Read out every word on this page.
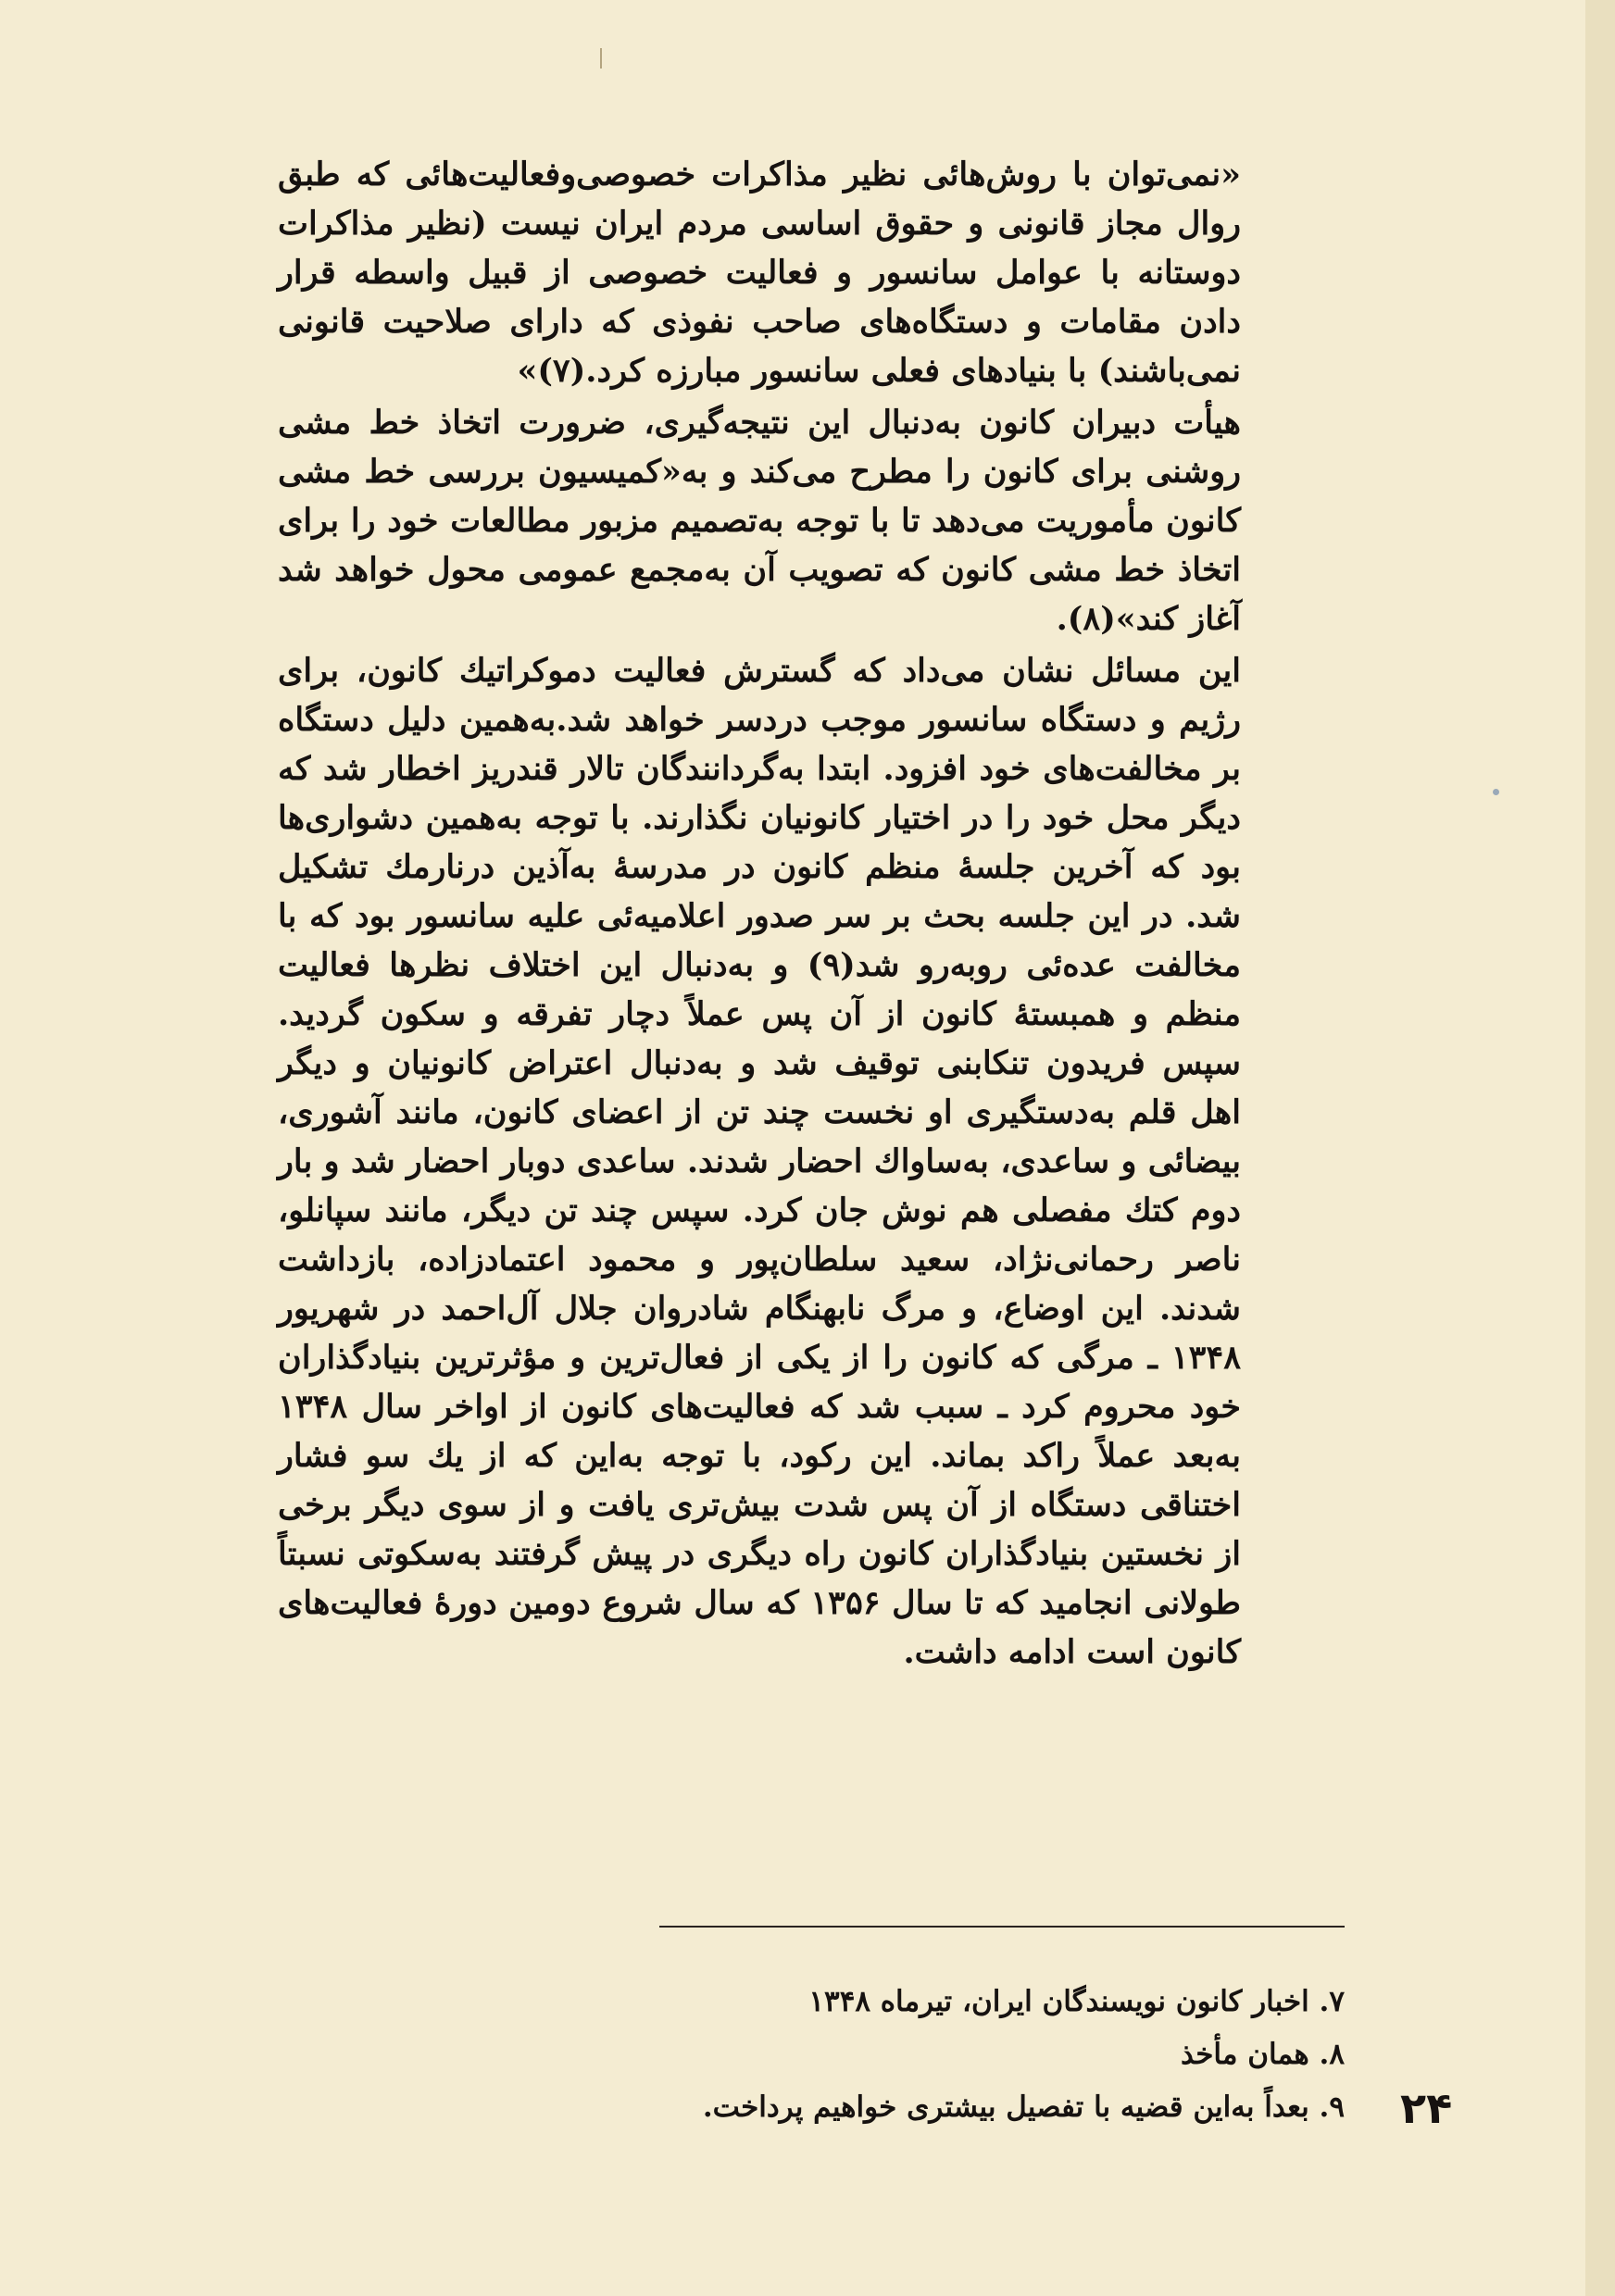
«نمی‌توان با روش‌هائی نظیر مذاکرات خصوصی‌وفعالیت‌هائی که طبق روال مجاز قانونی و حقوق اساسی مردم ایران نیست (نظیر مذاکرات دوستانه با عوامل سانسور و فعالیت خصوصی از قبیل واسطه قرار دادن مقامات و دستگاه‌های صاحب نفوذی که دارای صلاحیت قانونی نمی‌باشند) با بنیادهای فعلی سانسور مبارزه کرد.(۷)»

هیأت دبیران کانون به‌دنبال این نتیجه‌گیری، ضرورت اتخاذ خط مشی روشنی برای کانون را مطرح می‌کند و به«کمیسیون بررسی خط مشی کانون مأموریت می‌دهد تا با توجه به‌تصمیم مزبور مطالعات خود را برای اتخاذ خط مشی کانون که تصویب آن به‌مجمع عمومی محول خواهد شد آغاز کند»(۸).

این مسائل نشان می‌داد که گسترش فعالیت دموکراتیك کانون، برای رژیم و دستگاه سانسور موجب دردسر خواهد شد.به‌همین دلیل دستگاه بر مخالفت‌های خود افزود. ابتدا به‌گردانندگان تالار قندریز اخطار شد که دیگر محل خود را در اختیار کانونیان نگذارند. با توجه به‌همین دشواری‌ها بود که آخرین جلسهٔ منظم کانون در مدرسهٔ به‌آذین درنارمك تشکیل شد. در این جلسه بحث بر سر صدور اعلامیه‌ئی علیه سانسور بود که با مخالفت عده‌ئی روبه‌رو شد(۹) و به‌دنبال این اختلاف نظرها فعالیت منظم و همبستهٔ کانون از آن پس عملاً دچار تفرقه و سکون گردید. سپس فریدون تنکابنی توقیف شد و به‌دنبال اعتراض کانونیان و دیگر اهل قلم به‌دستگیری او نخست چند تن از اعضای کانون، مانند آشوری، بیضائی و ساعدی، به‌ساواك احضار شدند. ساعدی دوبار احضار شد و بار دوم کتك مفصلی هم نوش جان کرد. سپس چند تن دیگر، مانند سپانلو، ناصر رحمانی‌نژاد، سعید سلطان‌پور و محمود اعتمادزاده، بازداشت شدند. این اوضاع، و مرگ نابهنگام شادروان جلال آل‌احمد در شهریور ۱۳۴۸ ـ مرگی که کانون را از یکی از فعال‌ترین و مؤثرترین بنیادگذاران خود محروم کرد ـ سبب شد که فعالیت‌های کانون از اواخر سال ۱۳۴۸ به‌بعد عملاً راکد بماند. این رکود، با توجه به‌این که از یك سو فشار اختناقی دستگاه از آن پس شدت بیش‌تری یافت و از سوی دیگر برخی از نخستین بنیادگذاران کانون راه دیگری در پیش گرفتند به‌سکوتی نسبتاً طولانی انجامید که تا سال ۱۳۵۶ که سال شروع دومین دورهٔ فعالیت‌های کانون است ادامه داشت.

۷. اخبار کانون نویسندگان ایران، تیرماه ۱۳۴۸
۸. همان مأخذ
۹. بعداً به‌این قضیه با تفصیل بیشتری خواهیم پرداخت. ۲۴
